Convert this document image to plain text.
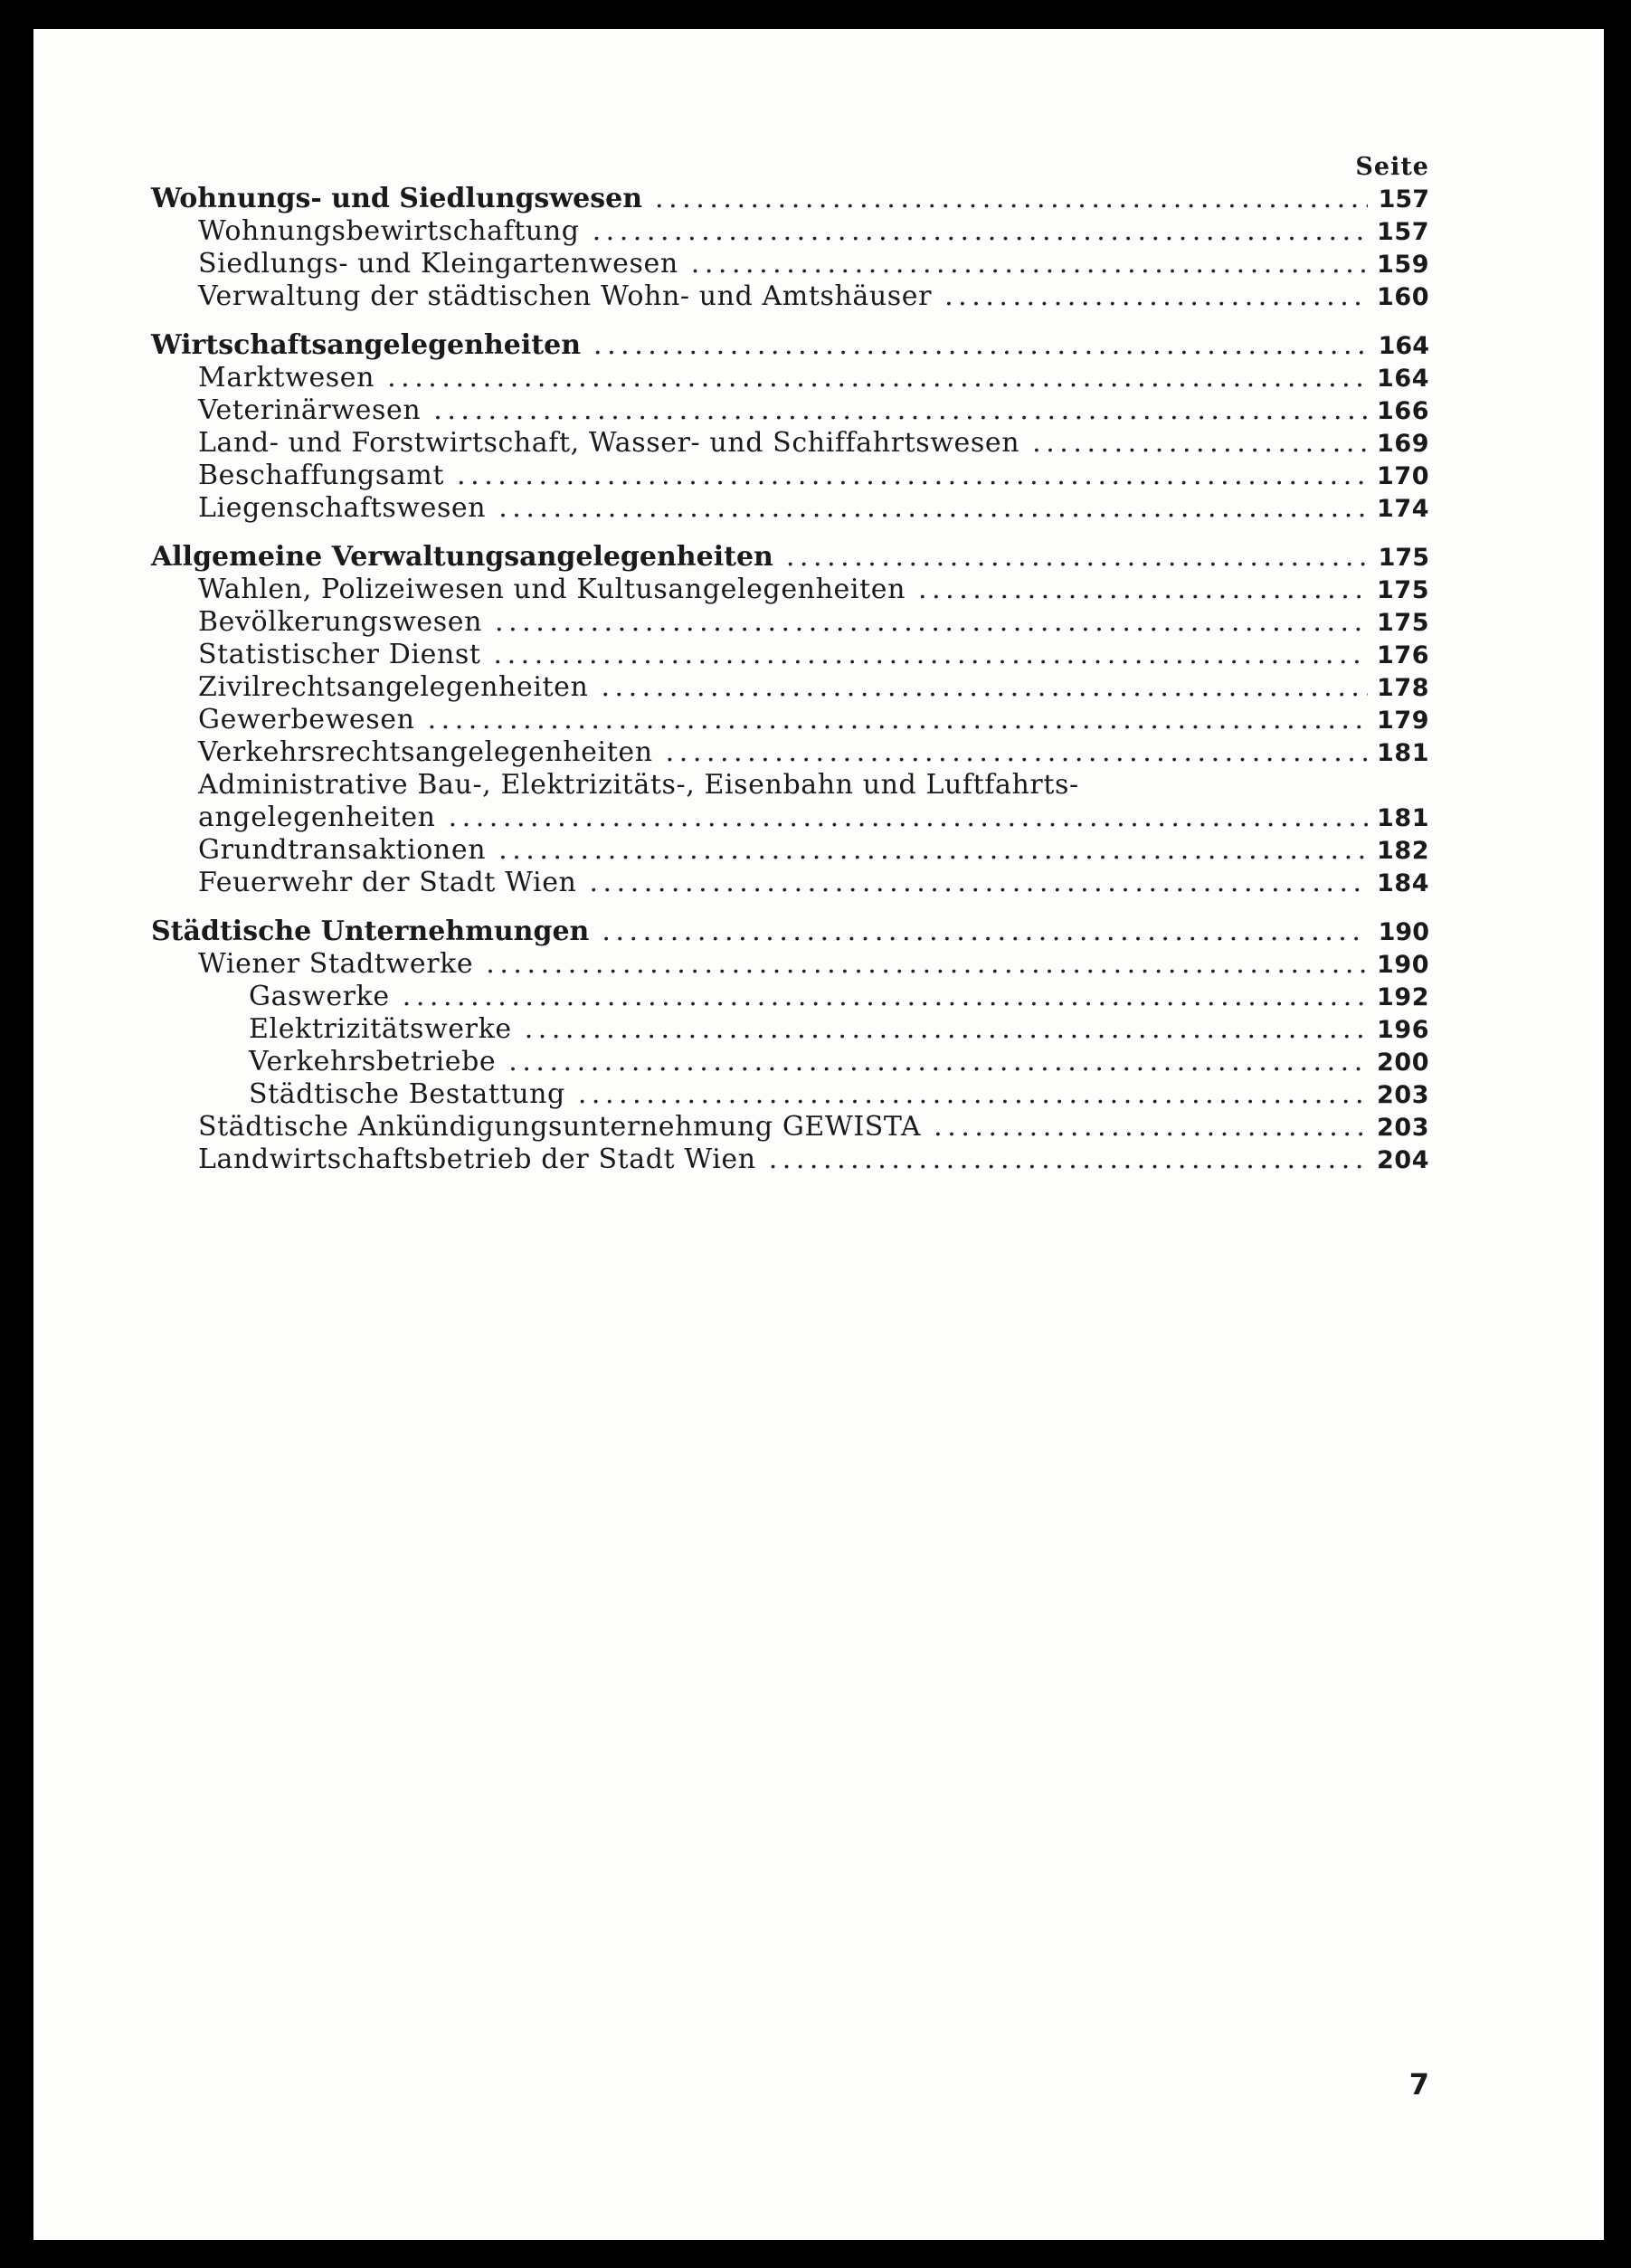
Seite
Wohnungs- und Siedlungswesen . . .	157
Wohnungsbewirtschaftung . . .	157
Siedlungs- und Kleingartenwesen . . .	159
Verwaltung der städtischen Wohn- und Amtshäuser . . .	160
Wirtschaftsangelegenheiten . . .	164
Marktwesen . . .	164
Veterinärwesen . . .	166
Land- und Forstwirtschaft, Wasser- und Schiffahrtswesen . . .	169
Beschaffungsamt . . .	170
Liegenschaftswesen . . .	174
Allgemeine Verwaltungsangelegenheiten . . .	175
Wahlen, Polizeiwesen und Kultusangelegenheiten . . .	175
Bevölkerungswesen . . .	175
Statistischer Dienst . . .	176
Zivilrechtsangelegenheiten . . .	178
Gewerbewesen . . .	179
Verkehrsrechtsangelegenheiten . . .	181
Administrative Bau-, Elektrizitäts-, Eisenbahn und Luftfahrts-
angelegenheiten . . .	181
Grundtransaktionen . . .	182
Feuerwehr der Stadt Wien . . .	184
Städtische Unternehmungen . . .	190
Wiener Stadtwerke . . .	190
Gaswerke . . .	192
Elektrizitätswerke . . .	196
Verkehrsbetriebe . . .	200
Städtische Bestattung . . .	203
Städtische Ankündigungsunternehmung GEWISTA . . .	203
Landwirtschaftsbetrieb der Stadt Wien . . .	204
7
